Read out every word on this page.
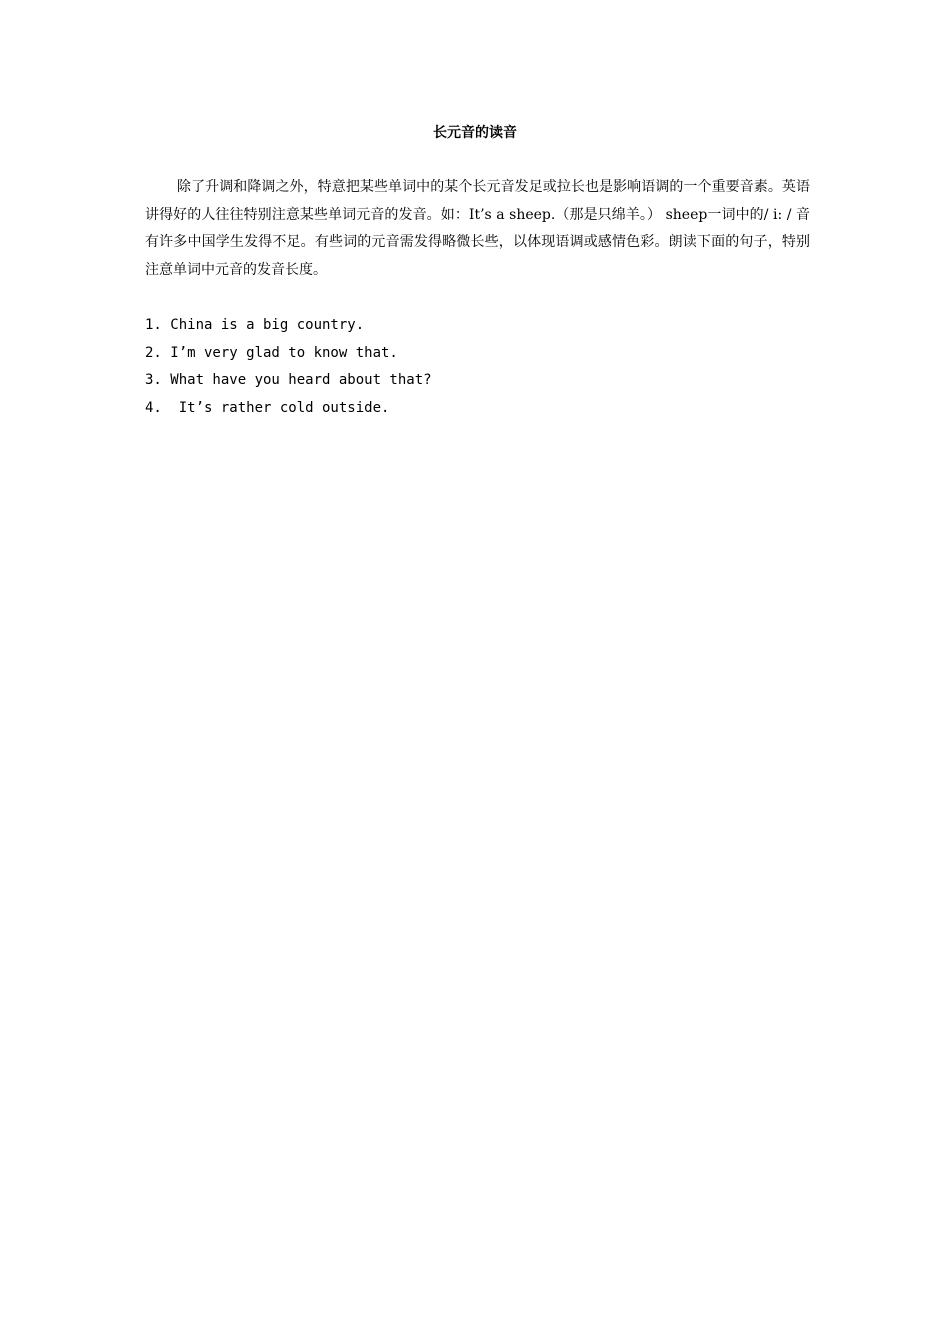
长元音的读音

除了升调和降调之外，特意把某些单词中的某个长元音发足或拉长也是影响语调的一个重要音素。英语讲得好的人往往特别注意某些单词元音的发音。如：It’s a sheep.（那是只绵羊。） sheep一词中的/ i: / 音有许多中国学生发得不足。有些词的元音需发得略微长些，以体现语调或感情色彩。朗读下面的句子，特别注意单词中元音的发音长度。

1. China is a big country.
2. I’m very glad to know that.
3. What have you heard about that?
4.  It’s rather cold outside.
